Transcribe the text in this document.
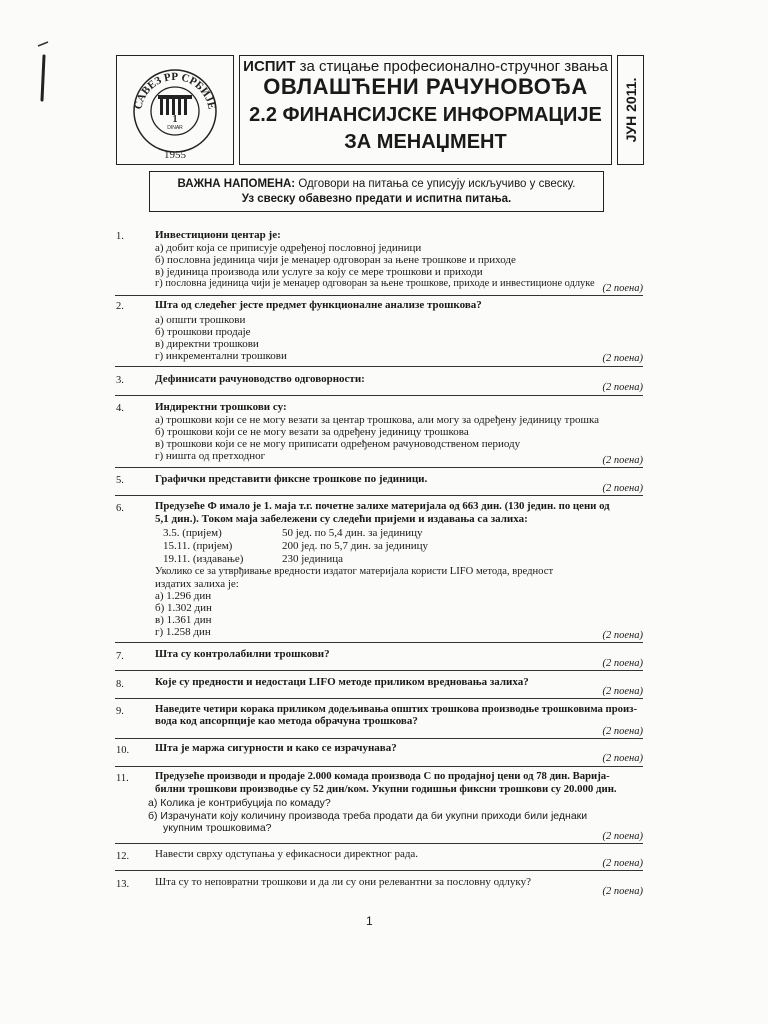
САВЕЗ РР СРБИЈЕ
1
DINAR
1955
ИСПИТ за стицање професионално-стручног звања
ОВЛАШЋЕНИ РАЧУНОВОЂА
2.2 ФИНАНСИЈСКЕ ИНФОРМАЦИЈЕ
ЗА МЕНАЏМЕНТ	ЈУН 2011.
ВАЖНА НАПОМЕНА: Одговори на питања се уписују искључиво у свеску.
Уз свеску обавезно предати и испитна питања.
1.	Инвестициони центар је:
а) добит која се приписује одређеној пословној јединици
б) пословна јединица чији је менаџер одговоран за њене трошкове и приходе
в) јединица производа или услуге за коју се мере трошкови и приходи
г) пословна јединица чији је менаџер одговоран за њене трошкове, приходе и инвестиционе одлуке (2 поена)
2.	Шта од следећег јесте предмет функционалне анализе трошкова?
а) општи трошкови
б) трошкови продаје
в) директни трошкови
г) инкрементални трошкови	(2 поена)
3.	Дефинисати рачуноводство одговорности:
(2 поена)
4.	Индиректни трошкови су:
а) трошкови који се не могу везати за центар трошкова, али могу за одређену јединицу трошка
б) трошкови који се не могу везати за одређену јединицу трошкова
в) трошкови који се не могу приписати одређеном рачуноводственом периоду
г) ништа од претходног	(2 поена)
5.	Графички представити фиксне трошкове по јединици.
(2 поена)
6.	Предузеће Ф имало је 1. маја т.г. почетне залихе материјала од 663 дин. (130 једин. по цени од
5,1 дин.). Током маја забележени су следећи пријеми и издавања са залиха:
3.5. (пријем)	50 јед. по 5,4 дин. за јединицу
15.11. (пријем)	200 јед. по 5,7 дин. за јединицу
19.11. (издавање)	230 јединица
Уколико се за утврђивање вредности издатог материјала користи LIFO метода, вредност
издатих залиха је:
а) 1.296 дин
б) 1.302 дин
в) 1.361 дин
г) 1.258 дин	(2 поена)
7.	Шта су контролабилни трошкови?
(2 поена)
8.	Које су предности и недостаци LIFO методе приликом вредновања залиха?
(2 поена)
9.	Наведите четири корака приликом додељивања општих трошкова производње трошковима произ-
вода код апсорпције као метода обрачуна трошкова?
(2 поена)
10. Шта је маржа сигурности и како се израчунава?
(2 поена)
11. Предузеће производи и продаје 2.000 комада производа С по продајној цени од 78 дин. Варија-
билни трошкови производње су 52 дин/ком. Укупни годишњи фиксни трошкови су 20.000 дин.
a) Колика је контрибуција по комаду?
б) Израчунати коју количину производа треба продати да би укупни приходи били једнаки
укупним трошковима?
(2 поена)
12. Навести сврху одступања у ефикасноси директног рада.
(2 поена)
13. Шта су то неповратни трошкови и да ли су они релевантни за пословну одлуку?
(2 поена)
1
